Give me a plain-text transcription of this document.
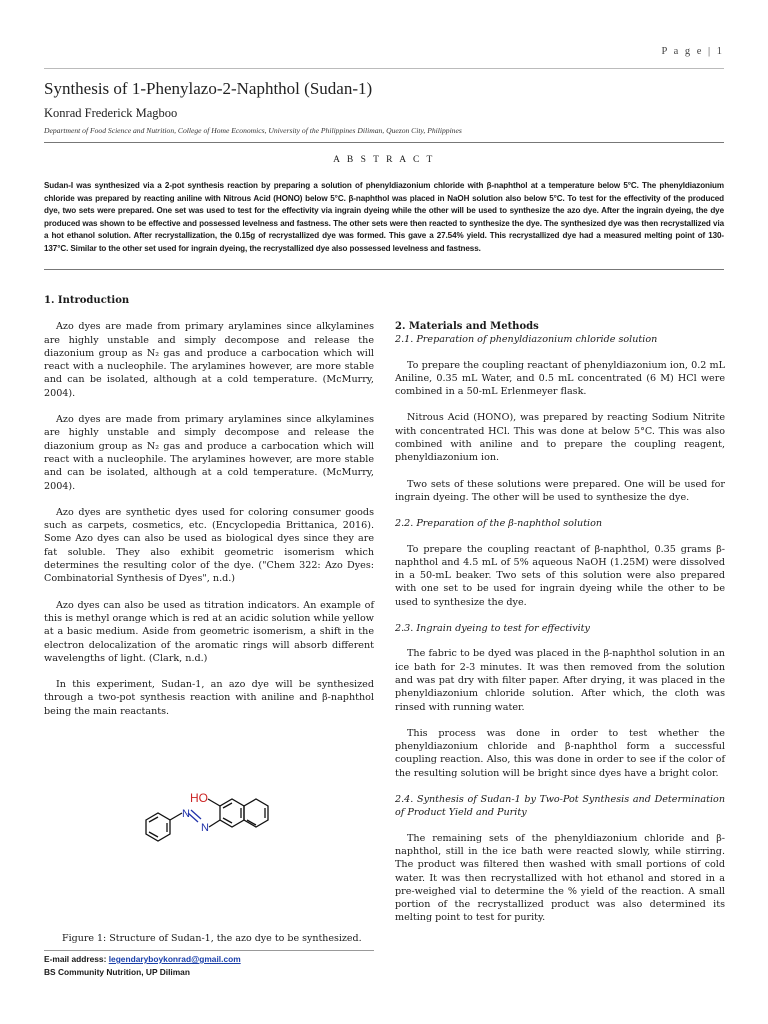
P a g e | 1
Synthesis of 1-Phenylazo-2-Naphthol (Sudan-1)
Konrad Frederick Magboo
Department of Food Science and Nutrition, College of Home Economics, University of the Philippines Diliman, Quezon City, Philippines
A B S T R A C T
Sudan-I was synthesized via a 2-pot synthesis reaction by preparing a solution of phenyldiazonium chloride with β-naphthol at a temperature below 5°C. The phenyldiazonium chloride was prepared by reacting aniline with Nitrous Acid (HONO) below 5°C. β-naphthol was placed in NaOH solution also below 5°C. To test for the effectivity of the produced dye, two sets were prepared. One set was used to test for the effectivity via ingrain dyeing while the other will be used to synthesize the azo dye. After the ingrain dyeing, the dye produced was shown to be effective and possessed levelness and fastness. The other sets were then reacted to synthesize the dye. The synthesized dye was then recrystallized via a hot ethanol solution. After recrystallization, the 0.15g of recrystallized dye was formed. This gave a 27.54% yield. This recrystallized dye had a measured melting point of 130- 137°C. Similar to the other set used for ingrain dyeing, the recrystallized dye also possessed levelness and fastness.
1. Introduction

Azo dyes are made from primary arylamines since alkylamines are highly unstable and simply decompose and release the diazonium group as N₂ gas and produce a carbocation which will react with a nucleophile. The arylamines however, are more stable and can be isolated, although at a cold temperature. (McMurry, 2004).

Azo dyes are made from primary arylamines since alkylamines are highly unstable and simply decompose and release the diazonium group as N₂ gas and produce a carbocation which will react with a nucleophile. The arylamines however, are more stable and can be isolated, although at a cold temperature. (McMurry, 2004).

Azo dyes are synthetic dyes used for coloring consumer goods such as carpets, cosmetics, etc. (Encyclopedia Brittanica, 2016). Some Azo dyes can also be used as biological dyes since they are fat soluble. They also exhibit geometric isomerism which determines the resulting color of the dye. ("Chem 322: Azo Dyes: Combinatorial Synthesis of Dyes", n.d.)

Azo dyes can also be used as titration indicators. An example of this is methyl orange which is red at an acidic solution while yellow at a basic medium. Aside from geometric isomerism, a shift in the electron delocalization of the aromatic rings will absorb different wavelengths of light. (Clark, n.d.)

In this experiment, Sudan-1, an azo dye will be synthesized through a two-pot synthesis reaction with aniline and β-naphthol being the main reactants.

HO
N
N
Figure 1: Structure of Sudan-1, the azo dye to be synthesized.
E-mail address: legendaryboykonrad@gmail.com
BS Community Nutrition, UP Diliman
2. Materials and Methods
2.1. Preparation of phenyldiazonium chloride solution

To prepare the coupling reactant of phenyldiazonium ion, 0.2 mL Aniline, 0.35 mL Water, and 0.5 mL concentrated (6 M) HCl were combined in a 50-mL Erlenmeyer flask.

Nitrous Acid (HONO), was prepared by reacting Sodium Nitrite with concentrated HCl. This was done at below 5°C. This was also combined with aniline and to prepare the coupling reagent, phenyldiazonium ion.

Two sets of these solutions were prepared. One will be used for ingrain dyeing. The other will be used to synthesize the dye.

2.2. Preparation of the β-naphthol solution

To prepare the coupling reactant of β-naphthol, 0.35 grams β-naphthol and 4.5 mL of 5% aqueous NaOH (1.25M) were dissolved in a 50-mL beaker. Two sets of this solution were also prepared with one set to be used for ingrain dyeing while the other to be used to synthesize the dye.

2.3. Ingrain dyeing to test for effectivity

The fabric to be dyed was placed in the β-naphthol solution in an ice bath for 2-3 minutes. It was then removed from the solution and was pat dry with filter paper. After drying, it was placed in the phenyldiazonium chloride solution. After which, the cloth was rinsed with running water.

This process was done in order to test whether the phenyldiazonium chloride and β-naphthol form a successful coupling reaction. Also, this was done in order to see if the color of the resulting solution will be bright since dyes have a bright color.

2.4. Synthesis of Sudan-1 by Two-Pot Synthesis and Determination of Product Yield and Purity

The remaining sets of the phenyldiazonium chloride and β-naphthol, still in the ice bath were reacted slowly, while stirring. The product was filtered then washed with small portions of cold water. It was then recrystallized with hot ethanol and stored in a pre-weighed vial to determine the % yield of the reaction. A small portion of the recrystallized product was also determined its melting point to test for purity.
